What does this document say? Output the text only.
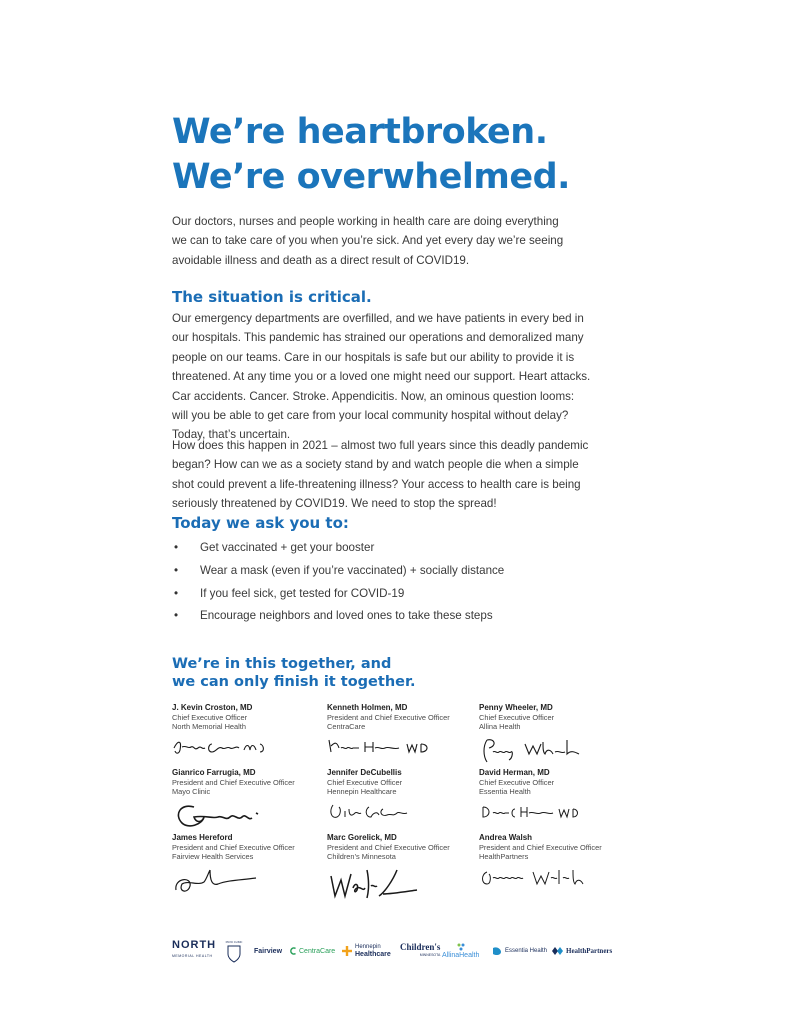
We’re heartbroken.
We’re overwhelmed.

Our doctors, nurses and people working in health care are doing everything
we can to take care of you when you’re sick. And yet every day we’re seeing
avoidable illness and death as a direct result of COVID19.

The situation is critical.

Our emergency departments are overfilled, and we have patients in every bed in
our hospitals. This pandemic has strained our operations and demoralized many
people on our teams. Care in our hospitals is safe but our ability to provide it is
threatened. At any time you or a loved one might need our support. Heart attacks.
Car accidents. Cancer. Stroke. Appendicitis. Now, an ominous question looms:
will you be able to get care from your local community hospital without delay?
Today, that’s uncertain.

How does this happen in 2021 – almost two full years since this deadly pandemic
began? How can we as a society stand by and watch people die when a simple
shot could prevent a life-threatening illness? Your access to health care is being
seriously threatened by COVID19. We need to stop the spread!

Today we ask you to:
• Get vaccinated + get your booster
• Wear a mask (even if you’re vaccinated) + socially distance
• If you feel sick, get tested for COVID-19
• Encourage neighbors and loved ones to take these steps
We’re in this together, and
we can only finish it together.
J. Kevin Croston, MD
Chief Executive Officer
North Memorial Health
Gianrico Farrugia, MD
President and Chief Executive Officer
Mayo Clinic
James Hereford
President and Chief Executive Officer
Fairview Health Services
Kenneth Holmen, MD
President and Chief Executive Officer
CentraCare
Jennifer DeCubellis
Chief Executive Officer
Hennepin Healthcare
Marc Gorelick, MD
President and Chief Executive Officer
Children’s Minnesota
Penny Wheeler, MD
Chief Executive Officer
Allina Health
David Herman, MD
Chief Executive Officer
Essentia Health
Andrea Walsh
President and Chief Executive Officer
HealthPartners
NORTH
MEMORIAL HEALTH
MAYO CLINIC
Fairview CentraCare
Hennepin
Healthcare
Children's
MINNESOTA AllinaHealth
Essentia Health	HealthPartners
